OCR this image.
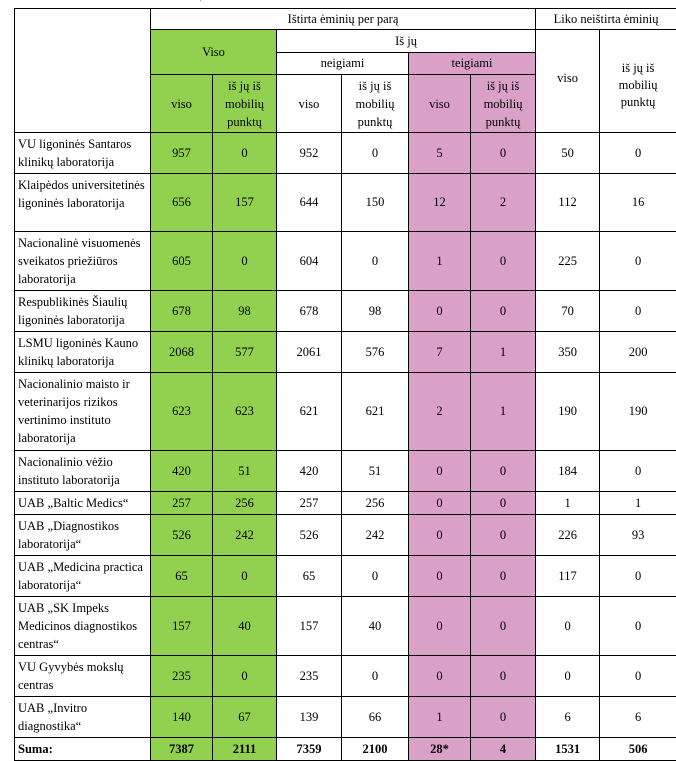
'
	Ištirta ėminių per parą						Liko neištirta ėminių	
	Viso		Iš jų				viso	iš jų iš mobilių punktų
			neigiami		teigiami			
	viso	iš jų iš mobilių punktų	viso	iš jų iš mobilių punktų	viso	iš jų iš mobilių punktų		
VU ligoninės Santaros klinikų laboratorija	957	0	952	0	5	0	50	0
Klaipėdos universitetinės ligoninės laboratorija	656	157	644	150	12	2	112	16
Nacionalinė visuomenės sveikatos priežiūros laboratorija	605	0	604	0	1	0	225	0
Respublikinės Šiaulių ligoninės laboratorija	678	98	678	98	0	0	70	0
LSMU ligoninės Kauno klinikų laboratorija	2068	577	2061	576	7	1	350	200
Nacionalinio maisto ir veterinarijos rizikos vertinimo instituto laboratorija	623	623	621	621	2	1	190	190
Nacionalinio vėžio instituto laboratorija	420	51	420	51	0	0	184	0
UAB „Baltic Medics“	257	256	257	256	0	0	1	1
UAB „Diagnostikos laboratorija“	526	242	526	242	0	0	226	93
UAB „Medicina practica laboratorija“	65	0	65	0	0	0	117	0
UAB „SK Impeks Medicinos diagnostikos centras“	157	40	157	40	0	0	0	0
VU Gyvybės mokslų centras	235	0	235	0	0	0	0	0
UAB „Invitro diagnostika“	140	67	139	66	1	0	6	6
Suma:	7387	2111	7359	2100	28*	4	1531	506
